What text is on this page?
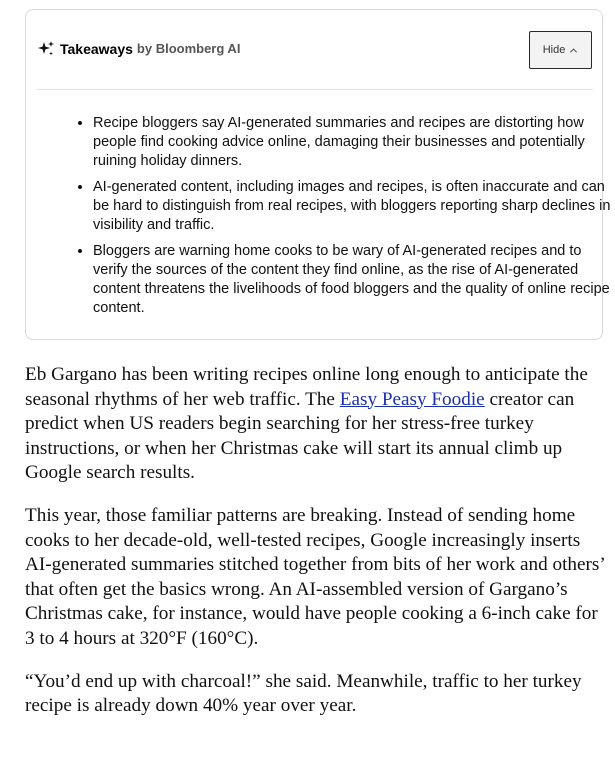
Takeaways by Bloomberg AI	Hide
• Recipe bloggers say AI-generated summaries and recipes are distorting how people find cooking advice online, damaging their businesses and potentially ruining holiday dinners.
• AI-generated content, including images and recipes, is often inaccurate and can be hard to distinguish from real recipes, with bloggers reporting sharp declines in visibility and traffic.
• Bloggers are warning home cooks to be wary of AI-generated recipes and to verify the sources of the content they find online, as the rise of AI-generated content threatens the livelihoods of food bloggers and the quality of online recipe content.

Eb Gargano has been writing recipes online long enough to anticipate the seasonal rhythms of her web traffic. The Easy Peasy Foodie creator can predict when US readers begin searching for her stress-free turkey instructions, or when her Christmas cake will start its annual climb up Google search results.

This year, those familiar patterns are breaking. Instead of sending home cooks to her decade-old, well-tested recipes, Google increasingly inserts AI-generated summaries stitched together from bits of her work and others’ that often get the basics wrong. An AI-assembled version of Gargano’s Christmas cake, for instance, would have people cooking a 6-inch cake for 3 to 4 hours at 320°F (160°C).

“You’d end up with charcoal!” she said. Meanwhile, traffic to her turkey recipe is already down 40% year over year.
